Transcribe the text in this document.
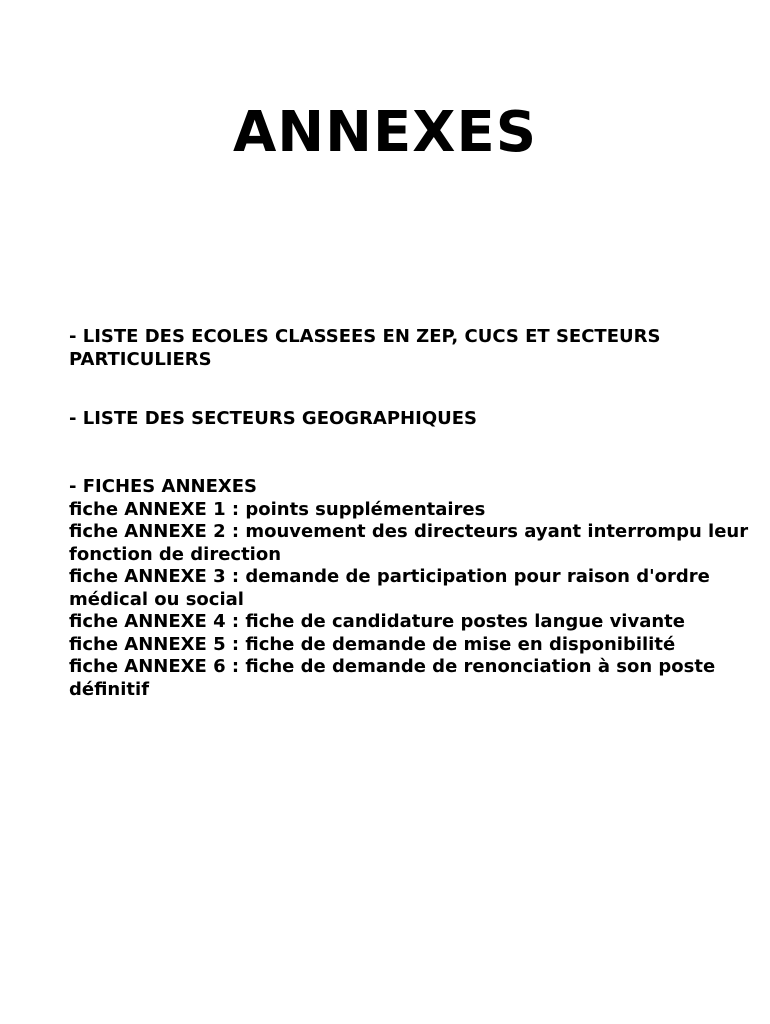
ANNEXES
- LISTE DES ECOLES CLASSEES EN ZEP, CUCS ET SECTEURS
PARTICULIERS
- LISTE DES SECTEURS GEOGRAPHIQUES
- FICHES ANNEXES
fiche ANNEXE 1 : points supplémentaires
fiche ANNEXE 2 : mouvement des directeurs ayant interrompu leur
fonction de direction
fiche ANNEXE 3 : demande de participation pour raison d'ordre
médical ou social
fiche ANNEXE 4 : fiche de candidature postes langue vivante
fiche ANNEXE 5 : fiche de demande de mise en disponibilité
fiche ANNEXE 6 : fiche de demande de renonciation à son poste
définitif
